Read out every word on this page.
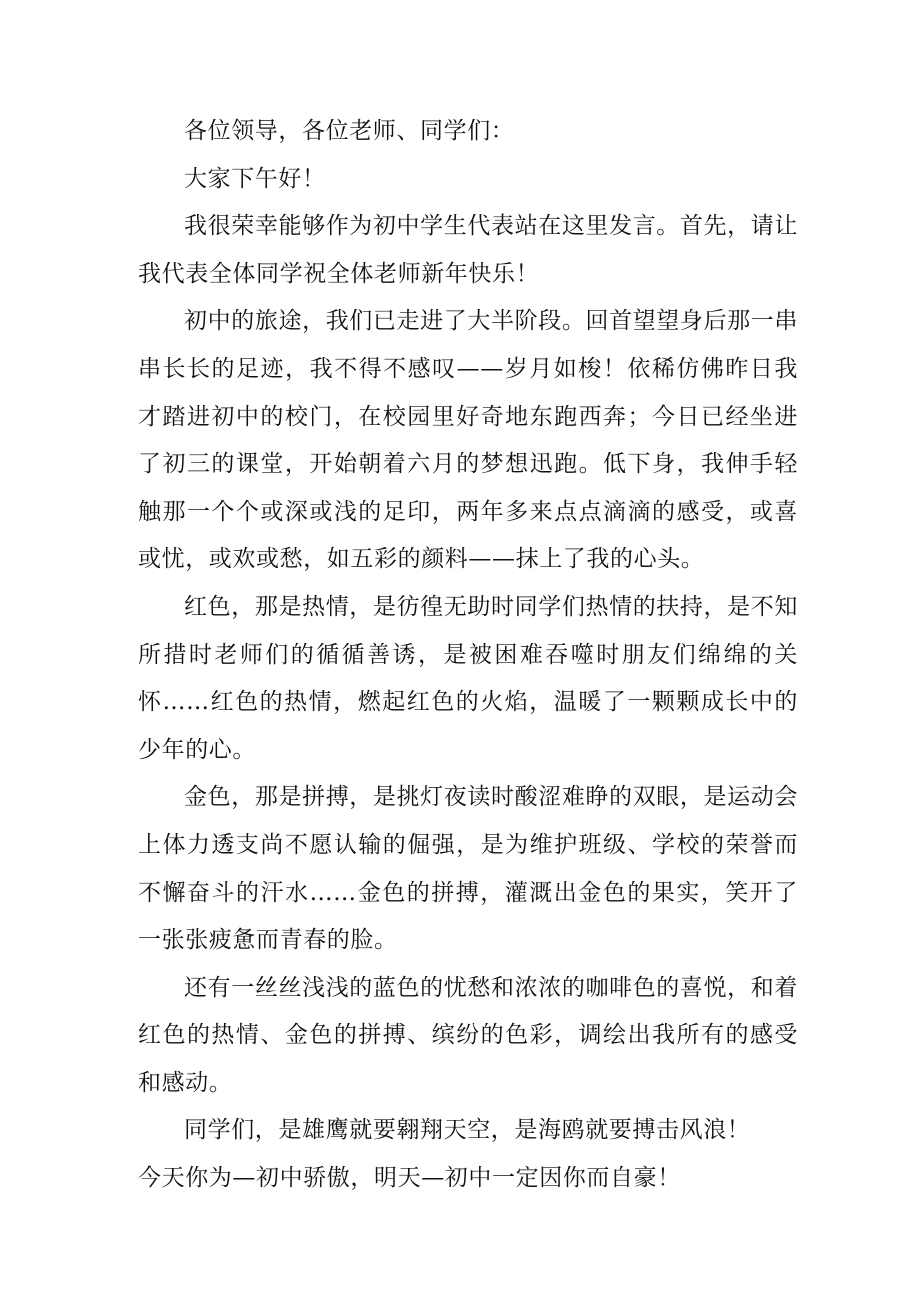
各位领导，各位老师、同学们：

大家下午好！

我很荣幸能够作为初中学生代表站在这里发言。首先，请让我代表全体同学祝全体老师新年快乐！

初中的旅途，我们已走进了大半阶段。回首望望身后那一串串长长的足迹，我不得不感叹——岁月如梭！依稀仿佛昨日我才踏进初中的校门，在校园里好奇地东跑西奔；今日已经坐进了初三的课堂，开始朝着六月的梦想迅跑。低下身，我伸手轻触那一个个或深或浅的足印，两年多来点点滴滴的感受，或喜或忧，或欢或愁，如五彩的颜料——抹上了我的心头。

红色，那是热情，是彷徨无助时同学们热情的扶持，是不知所措时老师们的循循善诱，是被困难吞噬时朋友们绵绵的关怀……红色的热情，燃起红色的火焰，温暖了一颗颗成长中的少年的心。

金色，那是拼搏，是挑灯夜读时酸涩难睁的双眼，是运动会上体力透支尚不愿认输的倔强，是为维护班级、学校的荣誉而不懈奋斗的汗水……金色的拼搏，灌溉出金色的果实，笑开了一张张疲惫而青春的脸。

还有一丝丝浅浅的蓝色的忧愁和浓浓的咖啡色的喜悦，和着红色的热情、金色的拼搏、缤纷的色彩，调绘出我所有的感受和感动。

同学们，是雄鹰就要翱翔天空，是海鸥就要搏击风浪！

今天你为—初中骄傲，明天—初中一定因你而自豪！
